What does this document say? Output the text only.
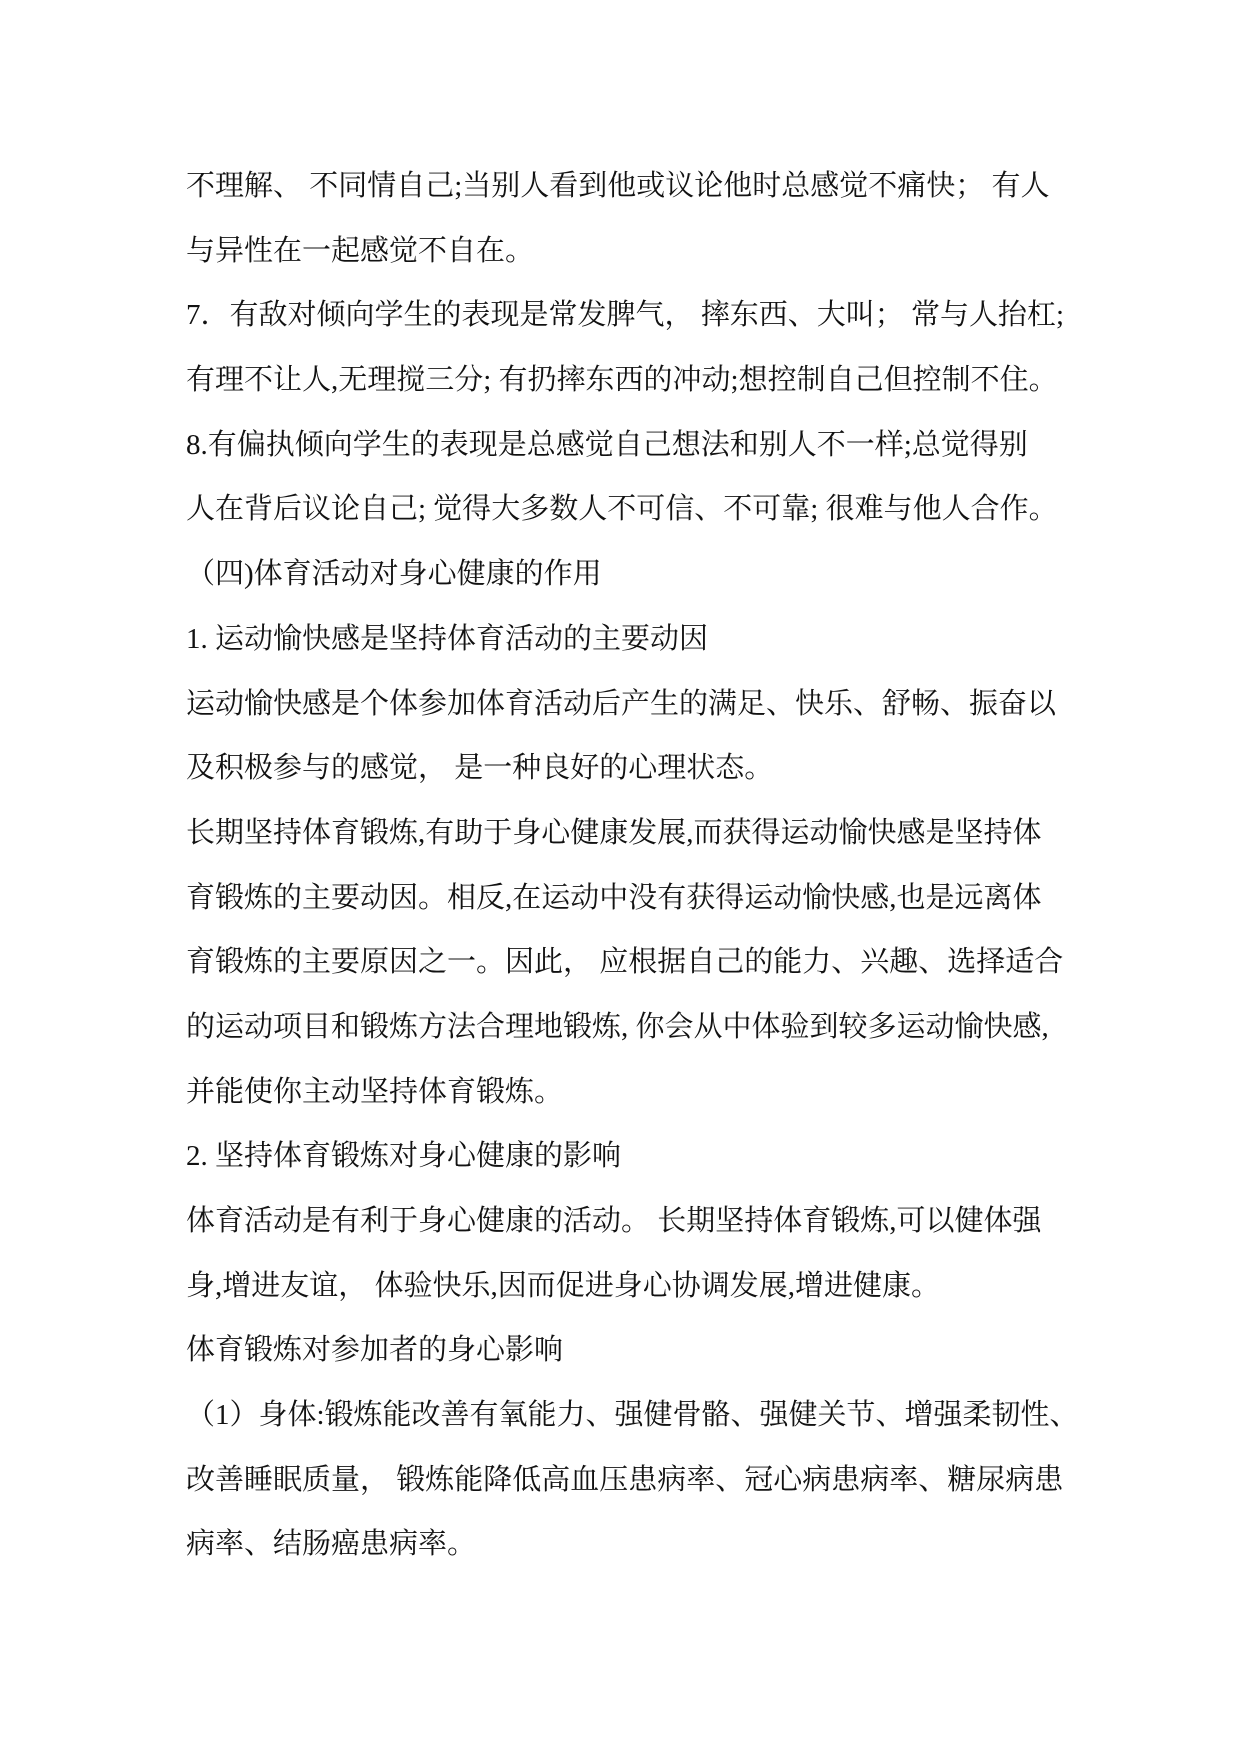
不理解、 不同情自己;当别人看到他或议论他时总感觉不痛快； 有人
与异性在一起感觉不自在。
7．有敌对倾向学生的表现是常发脾气， 摔东西、大叫； 常与人抬杠;
有理不让人,无理搅三分; 有扔摔东西的冲动;想控制自己但控制不住。
8.有偏执倾向学生的表现是总感觉自己想法和别人不一样;总觉得别
人在背后议论自己; 觉得大多数人不可信、不可靠; 很难与他人合作。
（四)体育活动对身心健康的作用
1. 运动愉快感是坚持体育活动的主要动因
运动愉快感是个体参加体育活动后产生的满足、快乐、舒畅、振奋以
及积极参与的感觉， 是一种良好的心理状态。
长期坚持体育锻炼,有助于身心健康发展,而获得运动愉快感是坚持体
育锻炼的主要动因。相反,在运动中没有获得运动愉快感,也是远离体
育锻炼的主要原因之一。因此， 应根据自己的能力、兴趣、选择适合
的运动项目和锻炼方法合理地锻炼, 你会从中体验到较多运动愉快感,
并能使你主动坚持体育锻炼。
2. 坚持体育锻炼对身心健康的影响
体育活动是有利于身心健康的活动。 长期坚持体育锻炼,可以健体强
身,增进友谊， 体验快乐,因而促进身心协调发展,增进健康。
体育锻炼对参加者的身心影响
（1）身体:锻炼能改善有氧能力、强健骨骼、强健关节、增强柔韧性、
改善睡眠质量， 锻炼能降低高血压患病率、冠心病患病率、糖尿病患
病率、结肠癌患病率。
